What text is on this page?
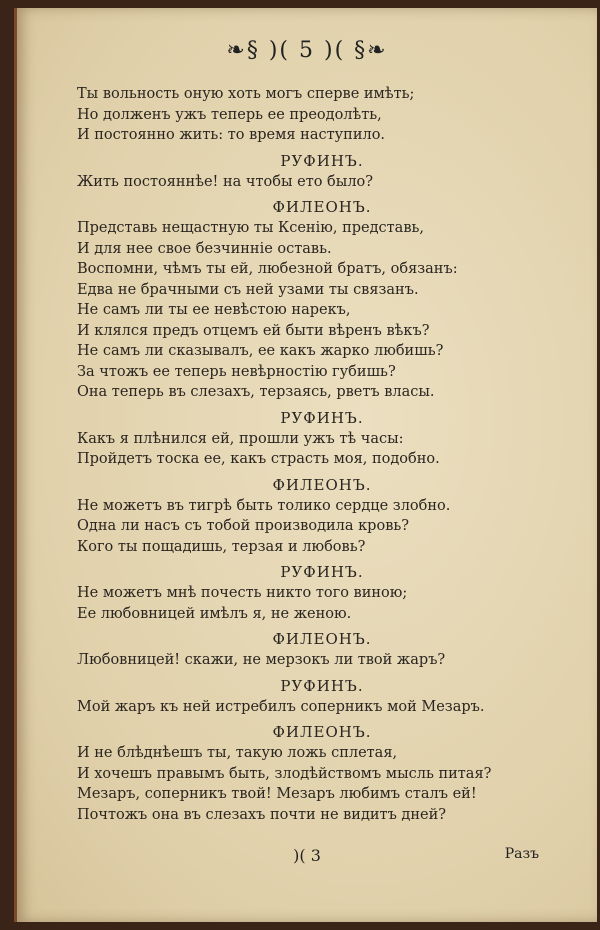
❧§ )( 5 )( §❧
Ты вольность оную хоть могъ сперве имѣть;
Но долженъ ужъ теперь ее преодолѣть,
И постоянно жить: то время наступило.
РУФИНЪ.
Жить постояннѣе! на чтобы ето было?
ФИЛЕОНЪ.
Представь нещастную ты Ксенію, представь,
И для нее свое безчинніе оставь.
Воспомни, чѣмъ ты ей, любезной братъ, обязанъ:
Едва не брачными съ ней узами ты связанъ.
Не самъ ли ты ее невѣстою нарекъ,
И клялся предъ отцемъ ей быти вѣренъ вѣкъ?
Не самъ ли сказывалъ, ее какъ жарко любишь?
За чтожъ ее теперь невѣрностію губишь?
Она теперь въ слезахъ, терзаясь, рветъ власы.
РУФИНЪ.
Какъ я плѣнился ей, прошли ужъ тѣ часы:
Пройдетъ тоска ее, какъ страсть моя, подобно.
ФИЛЕОНЪ.
Не можетъ въ тигрѣ быть толико сердце злобно.
Одна ли насъ съ тобой производила кровь?
Кого ты пощадишь, терзая и любовь?
РУФИНЪ.
Не можетъ мнѣ почесть никто того виною;
Ее любовницей имѣлъ я, не женою.
ФИЛЕОНЪ.
Любовницей! скажи, не мерзокъ ли твой жаръ?
РУФИНЪ.
Мой жаръ къ ней истребилъ соперникъ мой Мезаръ.
ФИЛЕОНЪ.
И не блѣднѣешъ ты, такую ложь сплетая,
И хочешъ правымъ быть, злодѣйствомъ мысль питая?
Мезаръ, соперникъ твой! Мезаръ любимъ сталъ ей!
Почтожъ она въ слезахъ почти не видитъ дней?
)( 3	Разъ
